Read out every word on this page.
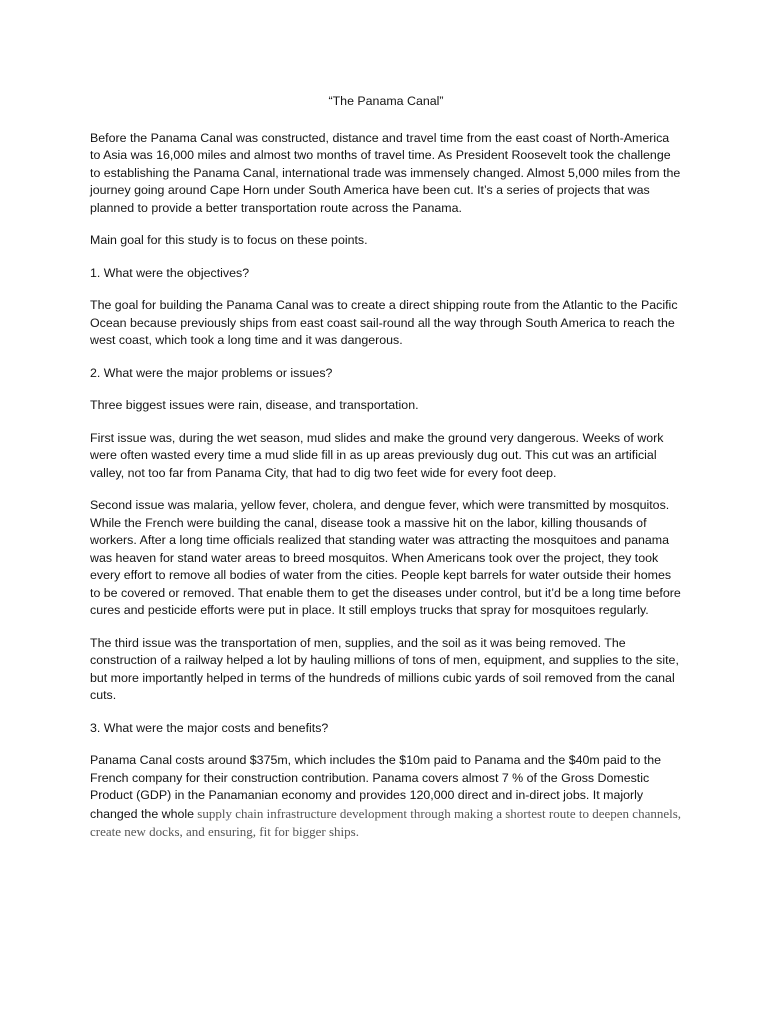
“The Panama Canal”

Before the Panama Canal was constructed, distance and travel time from the east coast of North-America to Asia was 16,000 miles and almost two months of travel time. As President Roosevelt took the challenge to establishing the Panama Canal, international trade was immensely changed. Almost 5,000 miles from the journey going around Cape Horn under South America have been cut. It’s a series of projects that was planned to provide a better transportation route across the Panama.

Main goal for this study is to focus on these points.

1. What were the objectives?

The goal for building the Panama Canal was to create a direct shipping route from the Atlantic to the Pacific Ocean because previously ships from east coast sail-round all the way through South America to reach the west coast, which took a long time and it was dangerous.

2. What were the major problems or issues?

Three biggest issues were rain, disease, and transportation.

First issue was, during the wet season, mud slides and make the ground very dangerous. Weeks of work were often wasted every time a mud slide fill in as up areas previously dug out. This cut was an artificial valley, not too far from Panama City, that had to dig two feet wide for every foot deep.

Second issue was malaria, yellow fever, cholera, and dengue fever, which were transmitted by mosquitos. While the French were building the canal, disease took a massive hit on the labor, killing thousands of workers. After a long time officials realized that standing water was attracting the mosquitoes and panama was heaven for stand water areas to breed mosquitos. When Americans took over the project, they took every effort to remove all bodies of water from the cities. People kept barrels for water outside their homes to be covered or removed. That enable them to get the diseases under control, but it’d be a long time before cures and pesticide efforts were put in place. It still employs trucks that spray for mosquitoes regularly.

The third issue was the transportation of men, supplies, and the soil as it was being removed. The construction of a railway helped a lot by hauling millions of tons of men, equipment, and supplies to the site, but more importantly helped in terms of the hundreds of millions cubic yards of soil removed from the canal cuts.

3. What were the major costs and benefits?

Panama Canal costs around $375m, which includes the $10m paid to Panama and the $40m paid to the French company for their construction contribution. Panama covers almost 7 % of the Gross Domestic Product (GDP) in the Panamanian economy and provides 120,000 direct and in-direct jobs. It majorly changed the whole supply chain infrastructure development through making a shortest route to deepen channels, create new docks, and ensuring, fit for bigger ships.
